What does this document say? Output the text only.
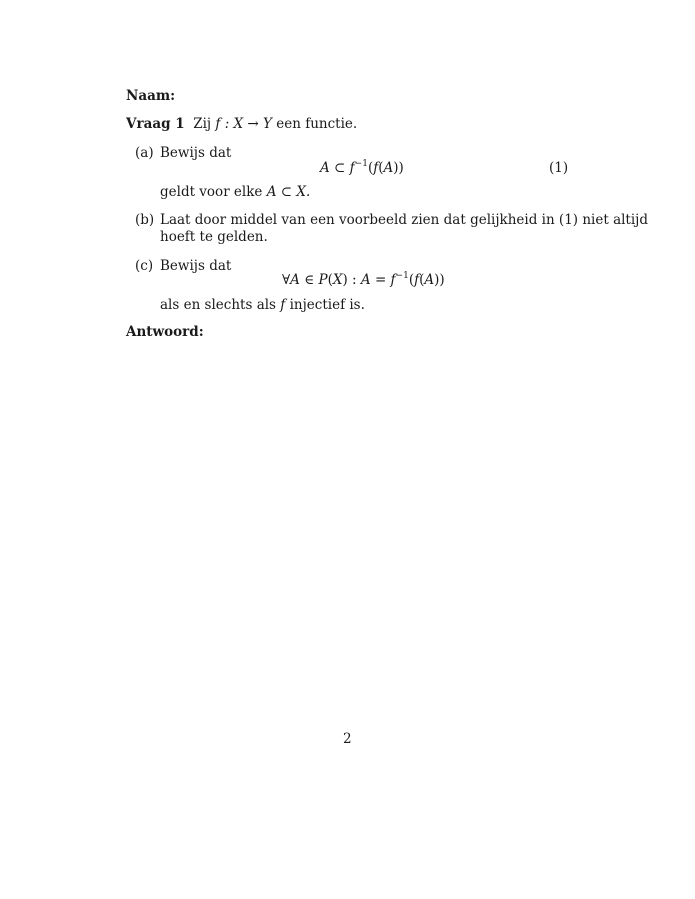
Naam:
Vraag 1 Zij f : X → Y een functie.
(a) Bewijs dat
A ⊂ $f^{-1}(f(A))$	(1)
geldt voor elke A ⊂ X.
(b) Laat door middel van een voorbeeld zien dat gelijkheid in (1) niet altijd
hoeft te gelden.
(c) Bewijs dat
∀A ∈ P(X) : $A = f^{-1}(f(A))$
als en slechts als f injectief is.
Antwoord:
2
